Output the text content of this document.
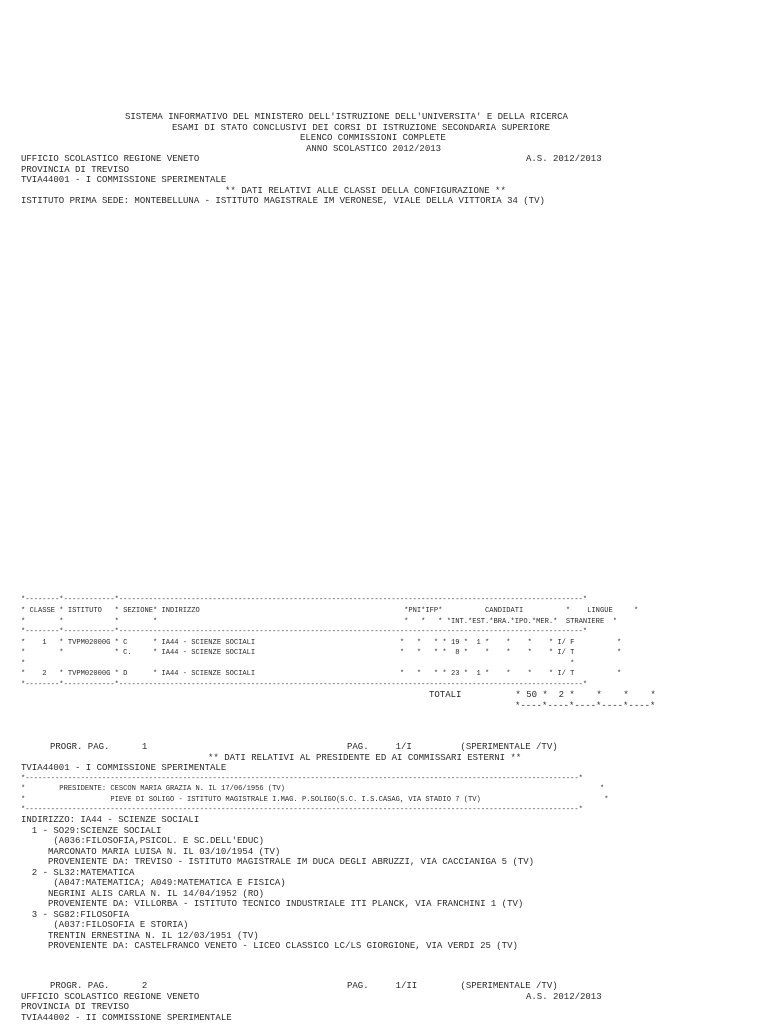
SISTEMA INFORMATIVO DEL MINISTERO DELL'ISTRUZIONE DELL'UNIVERSITA' E DELLA RICERCA
ESAMI DI STATO CONCLUSIVI DEI CORSI DI ISTRUZIONE SECONDARIA SUPERIORE
ELENCO COMMISSIONI COMPLETE
ANNO SCOLASTICO 2012/2013
UFFICIO SCOLASTICO REGIONE VENETO	A.S. 2012/2013
PROVINCIA DI TREVISO
TVIA44001 - I COMMISSIONE SPERIMENTALE
** DATI RELATIVI ALLE CLASSI DELLA CONFIGURAZIONE **
ISTITUTO PRIMA SEDE: MONTEBELLUNA - ISTITUTO MAGISTRALE IM VERONESE, VIALE DELLA VITTORIA 34 (TV)
*--------*------------*-------------------------------------------------------------------------------------------------------------*
* CLASSE * ISTITUTO   * SEZIONE* INDIRIZZO                                                *PNI*IFP*          CANDIDATI          *    LINGUE     *
*        *            *        *                                                          *   *   * *INT.*EST.*BRA.*IPO.*MER.*  STRANIERE  *
*--------*------------*-------------------------------------------------------------------------------------------------------------*
*    1   * TVPM02000G * C      * IA44 - SCIENZE SOCIALI                                  *   *   * * 19 *  1 *    *    *    * I/ F          *
*        *            * C.     * IA44 - SCIENZE SOCIALI                                  *   *   * *  8 *    *    *    *    * I/ T          *
*                                                                                                                                *
*    2   * TVPM02000G * D      * IA44 - SCIENZE SOCIALI                                  *   *   * * 23 *  1 *    *    *    * I/ T          *
*--------*------------*-------------------------------------------------------------------------------------------------------------*
TOTALI          * 50 *  2 *    *    *    *
*----*----*----*----*----*
PROGR. PAG.      1	PAG.     1/I         (SPERIMENTALE /TV)
** DATI RELATIVI AL PRESIDENTE ED AI COMMISSARI ESTERNI **
TVIA44001 - I COMMISSIONE SPERIMENTALE
*----------------------------------------------------------------------------------------------------------------------------------*
*        PRESIDENTE: CESCON MARIA GRAZIA N. IL 17/06/1956 (TV)                                                                          *
*                    PIEVE DI SOLIGO - ISTITUTO MAGISTRALE I.MAG. P.SOLIGO(S.C. I.S.CASAG, VIA STADIO 7 (TV)                             *
*----------------------------------------------------------------------------------------------------------------------------------*
INDIRIZZO: IA44 - SCIENZE SOCIALI
1 - SO29:SCIENZE SOCIALI
(A036:FILOSOFIA,PSICOL. E SC.DELL'EDUC)
MARCONATO MARIA LUISA N. IL 03/10/1954 (TV)
PROVENIENTE DA: TREVISO - ISTITUTO MAGISTRALE IM DUCA DEGLI ABRUZZI, VIA CACCIANIGA 5 (TV)
2 - SL32:MATEMATICA
(A047:MATEMATICA; A049:MATEMATICA E FISICA)
NEGRINI ALIS CARLA N. IL 14/04/1952 (RO)
PROVENIENTE DA: VILLORBA - ISTITUTO TECNICO INDUSTRIALE ITI PLANCK, VIA FRANCHINI 1 (TV)
3 - SG82:FILOSOFIA
(A037:FILOSOFIA E STORIA)
TRENTIN ERNESTINA N. IL 12/03/1951 (TV)
PROVENIENTE DA: CASTELFRANCO VENETO - LICEO CLASSICO LC/LS GIORGIONE, VIA VERDI 25 (TV)
PROGR. PAG.      2	PAG.     1/II        (SPERIMENTALE /TV)
UFFICIO SCOLASTICO REGIONE VENETO	A.S. 2012/2013
PROVINCIA DI TREVISO
TVIA44002 - II COMMISSIONE SPERIMENTALE
